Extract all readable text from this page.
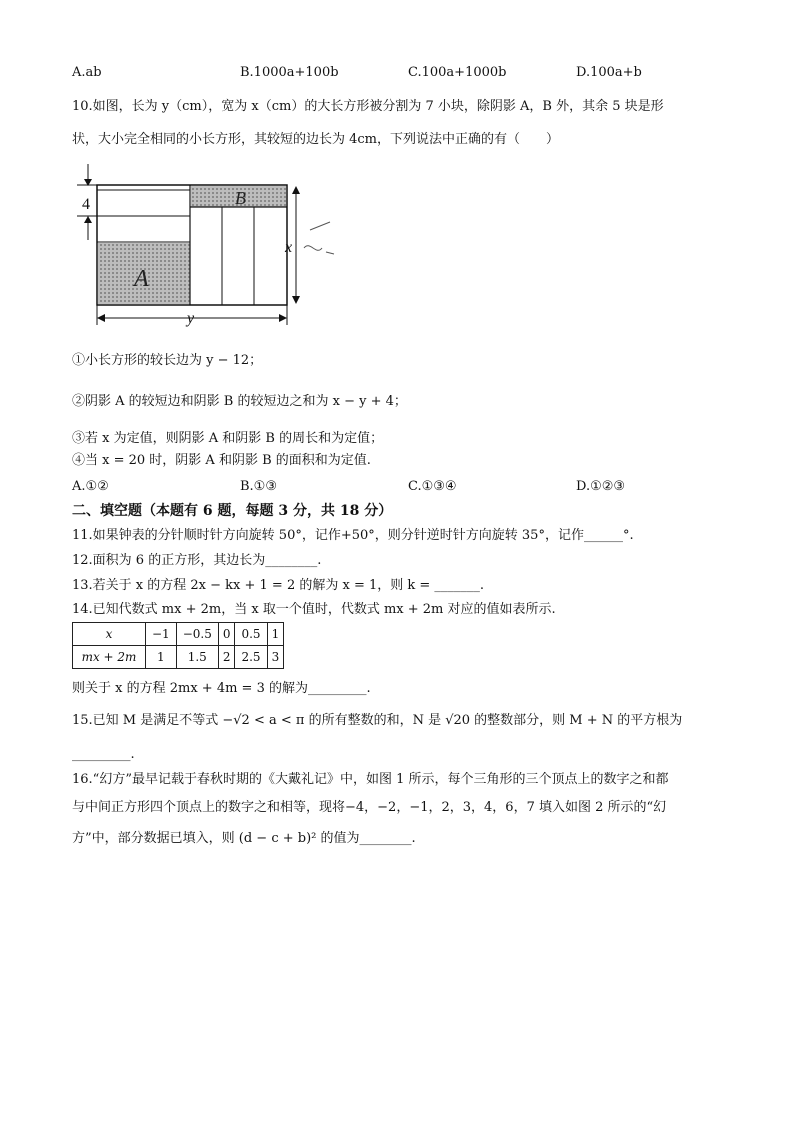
A.ab	B.1000a+100b	C.100a+1000b	D.100a+b
10.如图，长为 y（cm），宽为 x（cm）的大长方形被分割为 7 小块，除阴影 A，B 外，其余 5 块是形
状，大小完全相同的小长方形，其较短的边长为 4cm，下列说法中正确的有（　　）
A
B
4
x
y
①小长方形的较长边为 y − 12；
②阴影 A 的较短边和阴影 B 的较短边之和为 x − y + 4；
③若 x 为定值，则阴影 A 和阴影 B 的周长和为定值；
④当 x = 20 时，阴影 A 和阴影 B 的面积和为定值.
A.①②	B.①③	C.①③④	D.①②③
二、填空题（本题有 6 题，每题 3 分，共 18 分）
11.如果钟表的分针顺时针方向旋转 50°，记作+50°，则分针逆时针方向旋转 35°，记作______°.
12.面积为 6 的正方形，其边长为________.
13.若关于 x 的方程 2x − kx + 1 = 2 的解为 x = 1，则 k = _______.
14.已知代数式 mx + 2m，当 x 取一个值时，代数式 mx + 2m 对应的值如表所示.
x	−1	−0.5	0	0.5	1
mx + 2m	1	1.5	2	2.5	3
则关于 x 的方程 2mx + 4m = 3 的解为_________.
15.已知 M 是满足不等式 −√2 < a < π 的所有整数的和，N 是 √20 的整数部分，则 M + N 的平方根为
_________.
16.“幻方”最早记载于春秋时期的《大戴礼记》中，如图 1 所示，每个三角形的三个顶点上的数字之和都
与中间正方形四个顶点上的数字之和相等，现将−4，−2，−1，2，3，4，6，7 填入如图 2 所示的“幻
方”中，部分数据已填入，则 (d − c + b)² 的值为________.
